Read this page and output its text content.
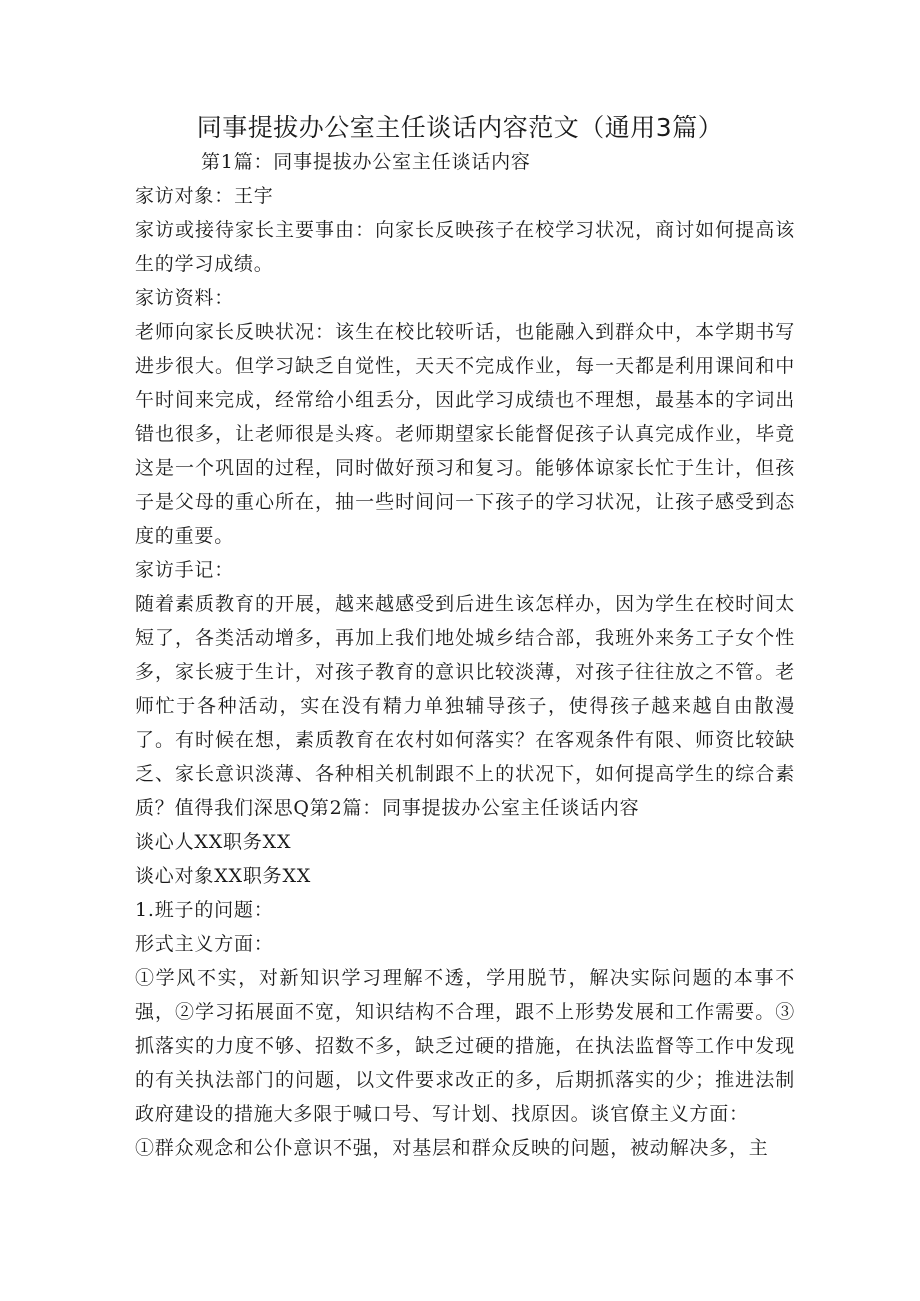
同事提拔办公室主任谈话内容范文（通用3篇）

第1篇：同事提拔办公室主任谈话内容

家访对象：王宇

家访或接待家长主要事由：向家长反映孩子在校学习状况，商讨如何提高该生的学习成绩。

家访资料：

老师向家长反映状况：该生在校比较听话，也能融入到群众中，本学期书写进步很大。但学习缺乏自觉性，天天不完成作业，每一天都是利用课间和中午时间来完成，经常给小组丢分，因此学习成绩也不理想，最基本的字词出错也很多，让老师很是头疼。老师期望家长能督促孩子认真完成作业，毕竟这是一个巩固的过程，同时做好预习和复习。能够体谅家长忙于生计，但孩子是父母的重心所在，抽一些时间问一下孩子的学习状况，让孩子感受到态度的重要。

家访手记：

随着素质教育的开展，越来越感受到后进生该怎样办，因为学生在校时间太短了，各类活动增多，再加上我们地处城乡结合部，我班外来务工子女个性多，家长疲于生计，对孩子教育的意识比较淡薄，对孩子往往放之不管。老师忙于各种活动，实在没有精力单独辅导孩子，使得孩子越来越自由散漫了。有时候在想，素质教育在农村如何落实？在客观条件有限、师资比较缺乏、家长意识淡薄、各种相关机制跟不上的状况下，如何提高学生的综合素质？值得我们深思Q第2篇：同事提拔办公室主任谈话内容

谈心人XX职务XX

谈心对象XX职务XX

1.班子的问题：

形式主义方面：

①学风不实，对新知识学习理解不透，学用脱节，解决实际问题的本事不强，②学习拓展面不宽，知识结构不合理，跟不上形势发展和工作需要。③抓落实的力度不够、招数不多，缺乏过硬的措施，在执法监督等工作中发现的有关执法部门的问题，以文件要求改正的多，后期抓落实的少；推进法制政府建设的措施大多限于喊口号、写计划、找原因。谈官僚主义方面：

①群众观念和公仆意识不强，对基层和群众反映的问题，被动解决多，主
